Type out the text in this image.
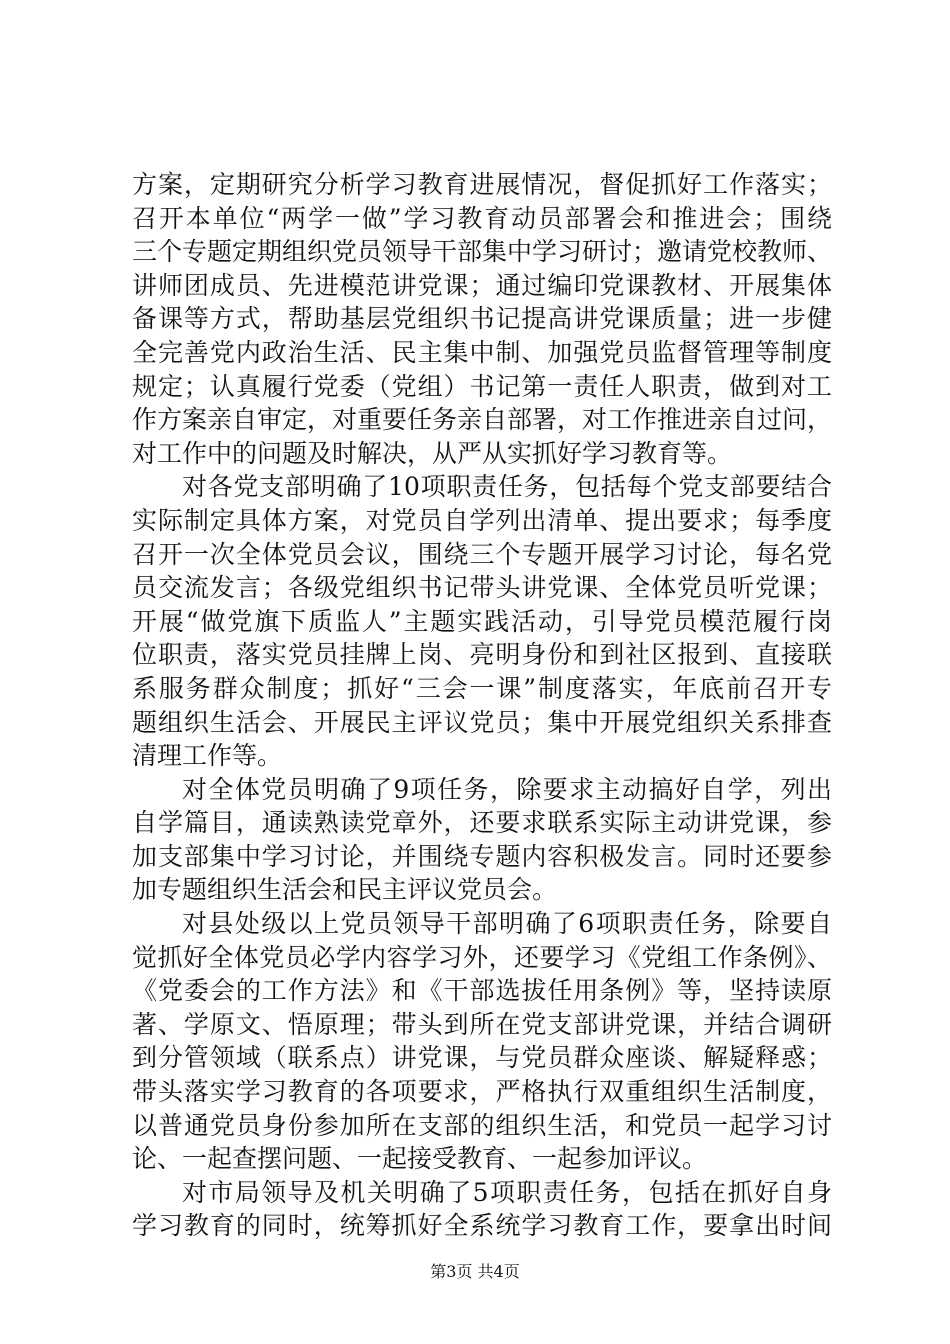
方案，定期研究分析学习教育进展情况，督促抓好工作落实；
召开本单位“两学一做”学习教育动员部署会和推进会；围绕
三个专题定期组织党员领导干部集中学习研讨；邀请党校教师、
讲师团成员、先进模范讲党课；通过编印党课教材、开展集体
备课等方式，帮助基层党组织书记提高讲党课质量；进一步健
全完善党内政治生活、民主集中制、加强党员监督管理等制度
规定；认真履行党委（党组）书记第一责任人职责，做到对工
作方案亲自审定，对重要任务亲自部署，对工作推进亲自过问，
对工作中的问题及时解决，从严从实抓好学习教育等。
对各党支部明确了10项职责任务，包括每个党支部要结合
实际制定具体方案，对党员自学列出清单、提出要求；每季度
召开一次全体党员会议，围绕三个专题开展学习讨论，每名党
员交流发言；各级党组织书记带头讲党课、全体党员听党课；
开展“做党旗下质监人”主题实践活动，引导党员模范履行岗
位职责，落实党员挂牌上岗、亮明身份和到社区报到、直接联
系服务群众制度；抓好“三会一课”制度落实，年底前召开专
题组织生活会、开展民主评议党员；集中开展党组织关系排查
清理工作等。
对全体党员明确了9项任务，除要求主动搞好自学，列出
自学篇目，通读熟读党章外，还要求联系实际主动讲党课，参
加支部集中学习讨论，并围绕专题内容积极发言。同时还要参
加专题组织生活会和民主评议党员会。
对县处级以上党员领导干部明确了6项职责任务，除要自
觉抓好全体党员必学内容学习外，还要学习《党组工作条例》、
《党委会的工作方法》和《干部选拔任用条例》等，坚持读原
著、学原文、悟原理；带头到所在党支部讲党课，并结合调研
到分管领域（联系点）讲党课，与党员群众座谈、解疑释惑；
带头落实学习教育的各项要求，严格执行双重组织生活制度，
以普通党员身份参加所在支部的组织生活，和党员一起学习讨
论、一起查摆问题、一起接受教育、一起参加评议。
对市局领导及机关明确了5项职责任务，包括在抓好自身
学习教育的同时，统筹抓好全系统学习教育工作，要拿出时间
第3页 共4页
